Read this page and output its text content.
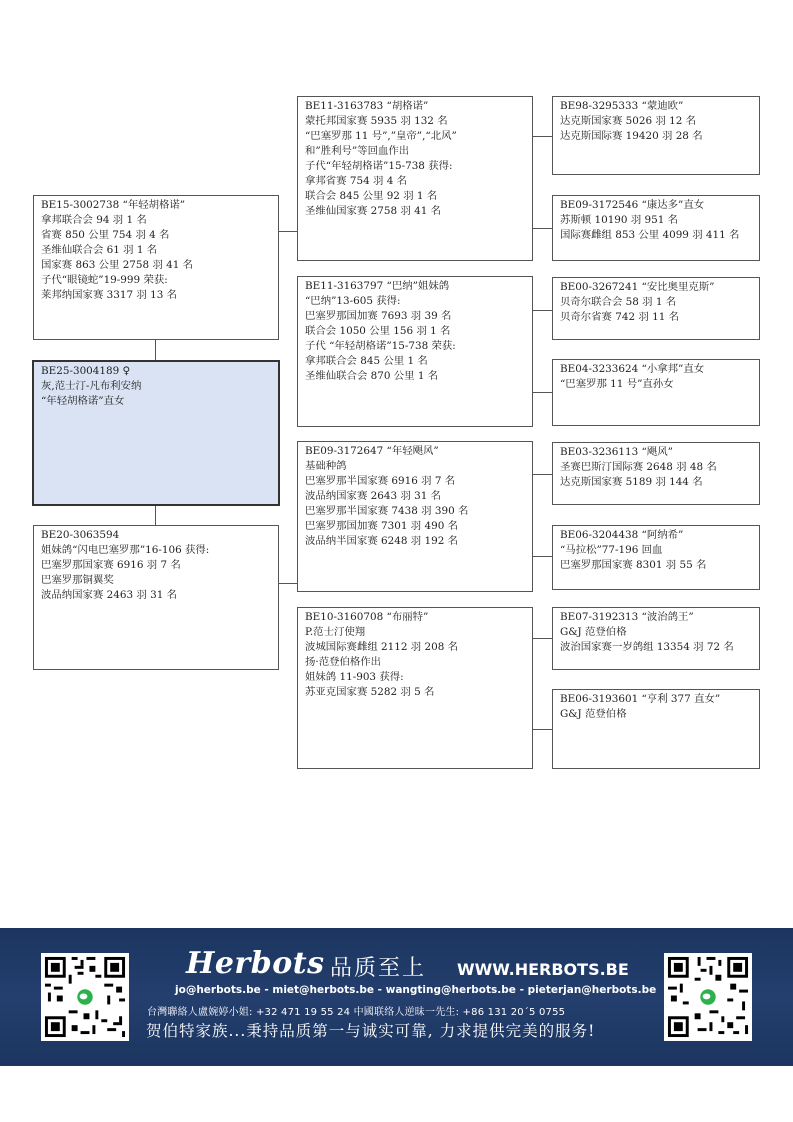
BE15-3002738 “年轻胡格诺”
拿邦联合会 94 羽 1 名
省赛 850 公里 754 羽 4 名
圣维仙联合会 61 羽 1 名
国家赛 863 公里 2758 羽 41 名
子代“眼镜蛇”19-999 荣获:
莱邦纳国家赛 3317 羽 13 名
BE25-3004189 ♀
灰,范士汀-凡布利安纳
“年轻胡格诺”直女
BE20-3063594
姐妹鸽“闪电巴塞罗那”16-106 获得:
巴塞罗那国家赛 6916 羽 7 名
巴塞罗那铜翼奖
波品纳国家赛 2463 羽 31 名
BE11-3163783 “胡格诺”
蒙托邦国家赛 5935 羽 132 名
“巴塞罗那 11 号”,”皇帝”,“北风”
和”胜利号”等回血作出
子代“年轻胡格诺”15-738 获得:
拿邦省赛 754 羽 4 名
联合会 845 公里 92 羽 1 名
圣维仙国家赛 2758 羽 41 名
BE11-3163797 “巴纳”姐妹鸽
“巴纳”13-605 获得:
巴塞罗那国加赛 7693 羽 39 名
联合会 1050 公里 156 羽 1 名
子代 “年轻胡格诺”15-738 荣获:
拿邦联合会 845 公里 1 名
圣维仙联合会 870 公里 1 名
BE09-3172647 “年轻飓风”
基础种鸽
巴塞罗那半国家赛 6916 羽 7 名
波品纳国家赛 2643 羽 31 名
巴塞罗那半国家赛 7438 羽 390 名
巴塞罗那国加赛 7301 羽 490 名
波品纳半国家赛 6248 羽 192 名
BE10-3160708 “布丽特”
P.范士汀使翔
波城国际赛雌组 2112 羽 208 名
扬·范登伯格作出
姐妹鸽 11-903 获得:
苏亚克国家赛 5282 羽 5 名
BE98-3295333 “蒙迪欧”
达克斯国家赛 5026 羽 12 名
达克斯国际赛 19420 羽 28 名
BE09-3172546 “康达多”直女
苏斯顿 10190 羽 951 名
国际赛雌组 853 公里 4099 羽 411 名
BE00-3267241 “安比奥里克斯”
贝奇尔联合会 58 羽 1 名
贝奇尔省赛 742 羽 11 名
BE04-3233624 “小拿邦”直女
“巴塞罗那 11 号”直孙女
BE03-3236113 “飓风”
圣赛巴斯汀国际赛 2648 羽 48 名
达克斯国家赛 5189 羽 144 名
BE06-3204438 “阿纳希”
“马拉松”77-196 回血
巴塞罗那国家赛 8301 羽 55 名
BE07-3192313 “波治鸽王”
G&J 范登伯格
波治国家赛一岁鸽组 13354 羽 72 名
BE06-3193601 “亨利 377 直女”
G&J 范登伯格
Herbots 品质至上 WWW.HERBOTS.BE
jo@herbots.be - miet@herbots.be - wangting@herbots.be - pieterjan@herbots.be
台灣聯絡人盧婉婷小姐: +32 471 19 55 24 中國联络人逆昧一先生: +86 131 20´5 0755
贺伯特家族...秉持品质第一与诚实可靠, 力求提供完美的服务!
